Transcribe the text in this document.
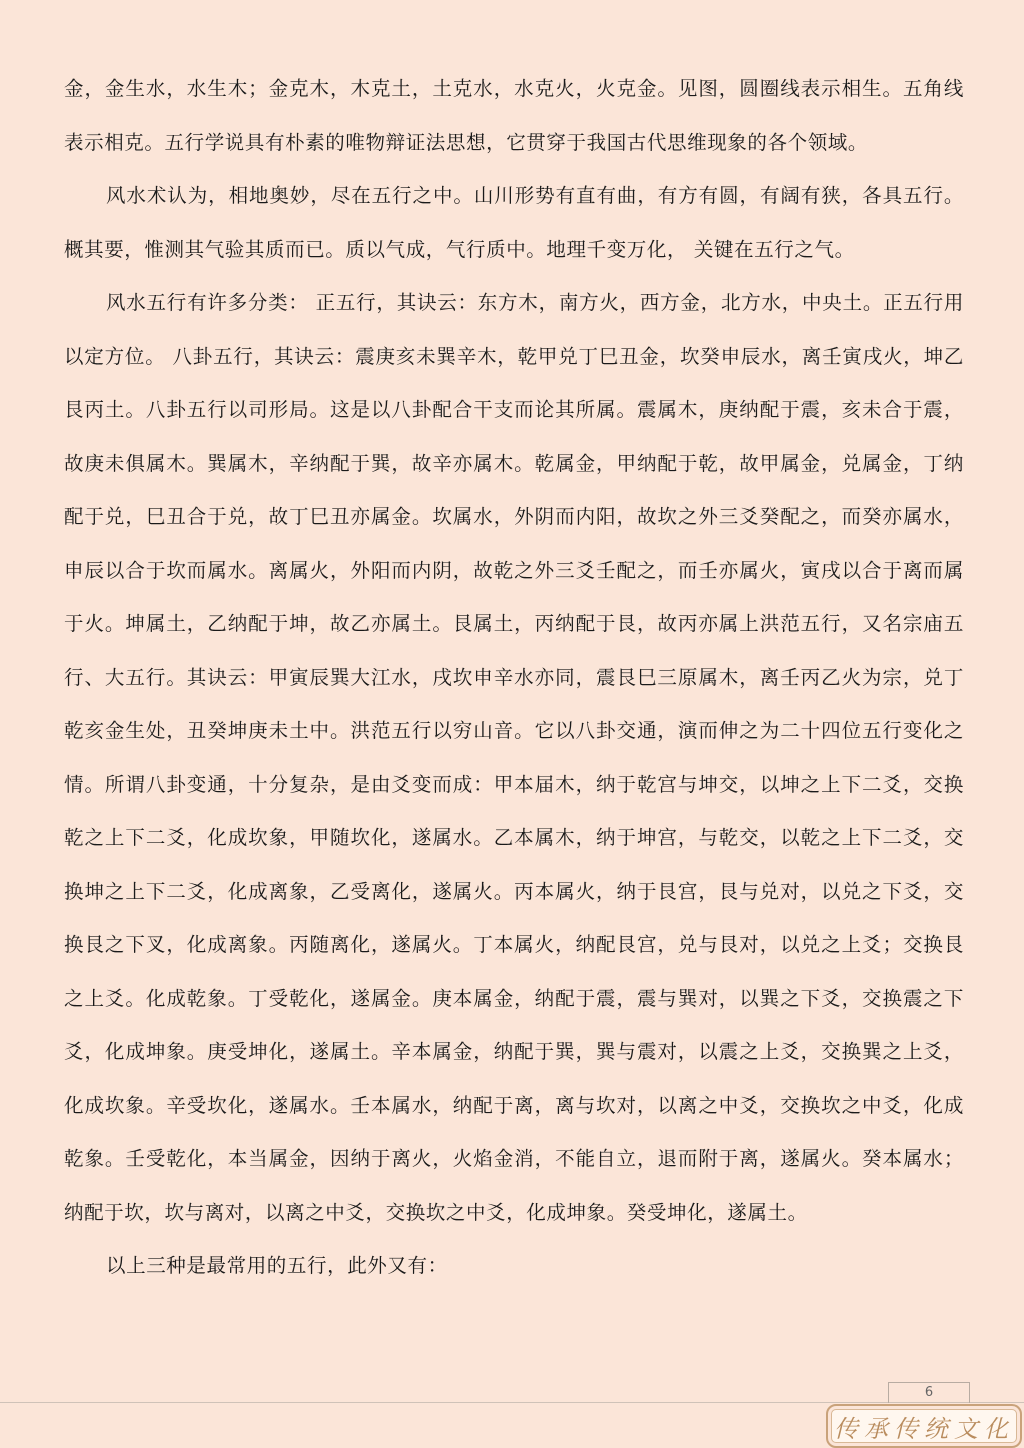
金，金生水，水生木；金克木，木克土，土克水，水克火，火克金。见图，圆圈线表示相生。五角线表示相克。五行学说具有朴素的唯物辩证法思想，它贯穿于我国古代思维现象的各个领域。

风水术认为，相地奥妙，尽在五行之中。山川形势有直有曲，有方有圆，有阔有狭，各具五行。概其要，惟测其气验其质而已。质以气成，气行质中。地理千变万化， 关键在五行之气。

风水五行有许多分类： 正五行，其诀云：东方木，南方火，西方金，北方水，中央土。正五行用以定方位。 八卦五行，其诀云：震庚亥未巽辛木，乾甲兑丁巳丑金，坎癸申辰水，离壬寅戌火，坤乙艮丙土。八卦五行以司形局。这是以八卦配合干支而论其所属。震属木，庚纳配于震，亥未合于震，故庚未俱属木。巽属木，辛纳配于巽，故辛亦属木。乾属金，甲纳配于乾，故甲属金，兑属金，丁纳配于兑，巳丑合于兑，故丁巳丑亦属金。坎属水，外阴而内阳，故坎之外三爻癸配之，而癸亦属水，申辰以合于坎而属水。离属火，外阳而内阴，故乾之外三爻壬配之，而壬亦属火，寅戌以合于离而属于火。坤属土，乙纳配于坤，故乙亦属土。艮属土，丙纳配于艮，故丙亦属上洪范五行，又名宗庙五行、大五行。其诀云：甲寅辰巽大江水，戌坎申辛水亦同，震艮巳三原属木，离壬丙乙火为宗，兑丁乾亥金生处，丑癸坤庚未土中。洪范五行以穷山音。它以八卦交通，演而伸之为二十四位五行变化之情。所谓八卦变通，十分复杂，是由爻变而成：甲本届木，纳于乾宫与坤交，以坤之上下二爻，交换乾之上下二爻，化成坎象，甲随坎化，遂属水。乙本属木，纳于坤宫，与乾交，以乾之上下二爻，交换坤之上下二爻，化成离象，乙受离化，遂属火。丙本属火，纳于艮宫，艮与兑对，以兑之下爻，交换艮之下叉，化成离象。丙随离化，遂属火。丁本属火，纳配艮宫，兑与艮对，以兑之上爻；交换艮之上爻。化成乾象。丁受乾化，遂属金。庚本属金，纳配于震，震与巽对，以巽之下爻，交换震之下爻，化成坤象。庚受坤化，遂属土。辛本属金，纳配于巽，巽与震对，以震之上爻，交换巽之上爻，化成坎象。辛受坎化，遂属水。壬本属水，纳配于离，离与坎对，以离之中爻，交换坎之中爻，化成乾象。壬受乾化，本当属金，因纳于离火，火焰金消，不能自立，退而附于离，遂属火。癸本属水；纳配于坎，坎与离对，以离之中爻，交换坎之中爻，化成坤象。癸受坤化，遂属土。

以上三种是最常用的五行，此外又有：

6
传承传统文化
